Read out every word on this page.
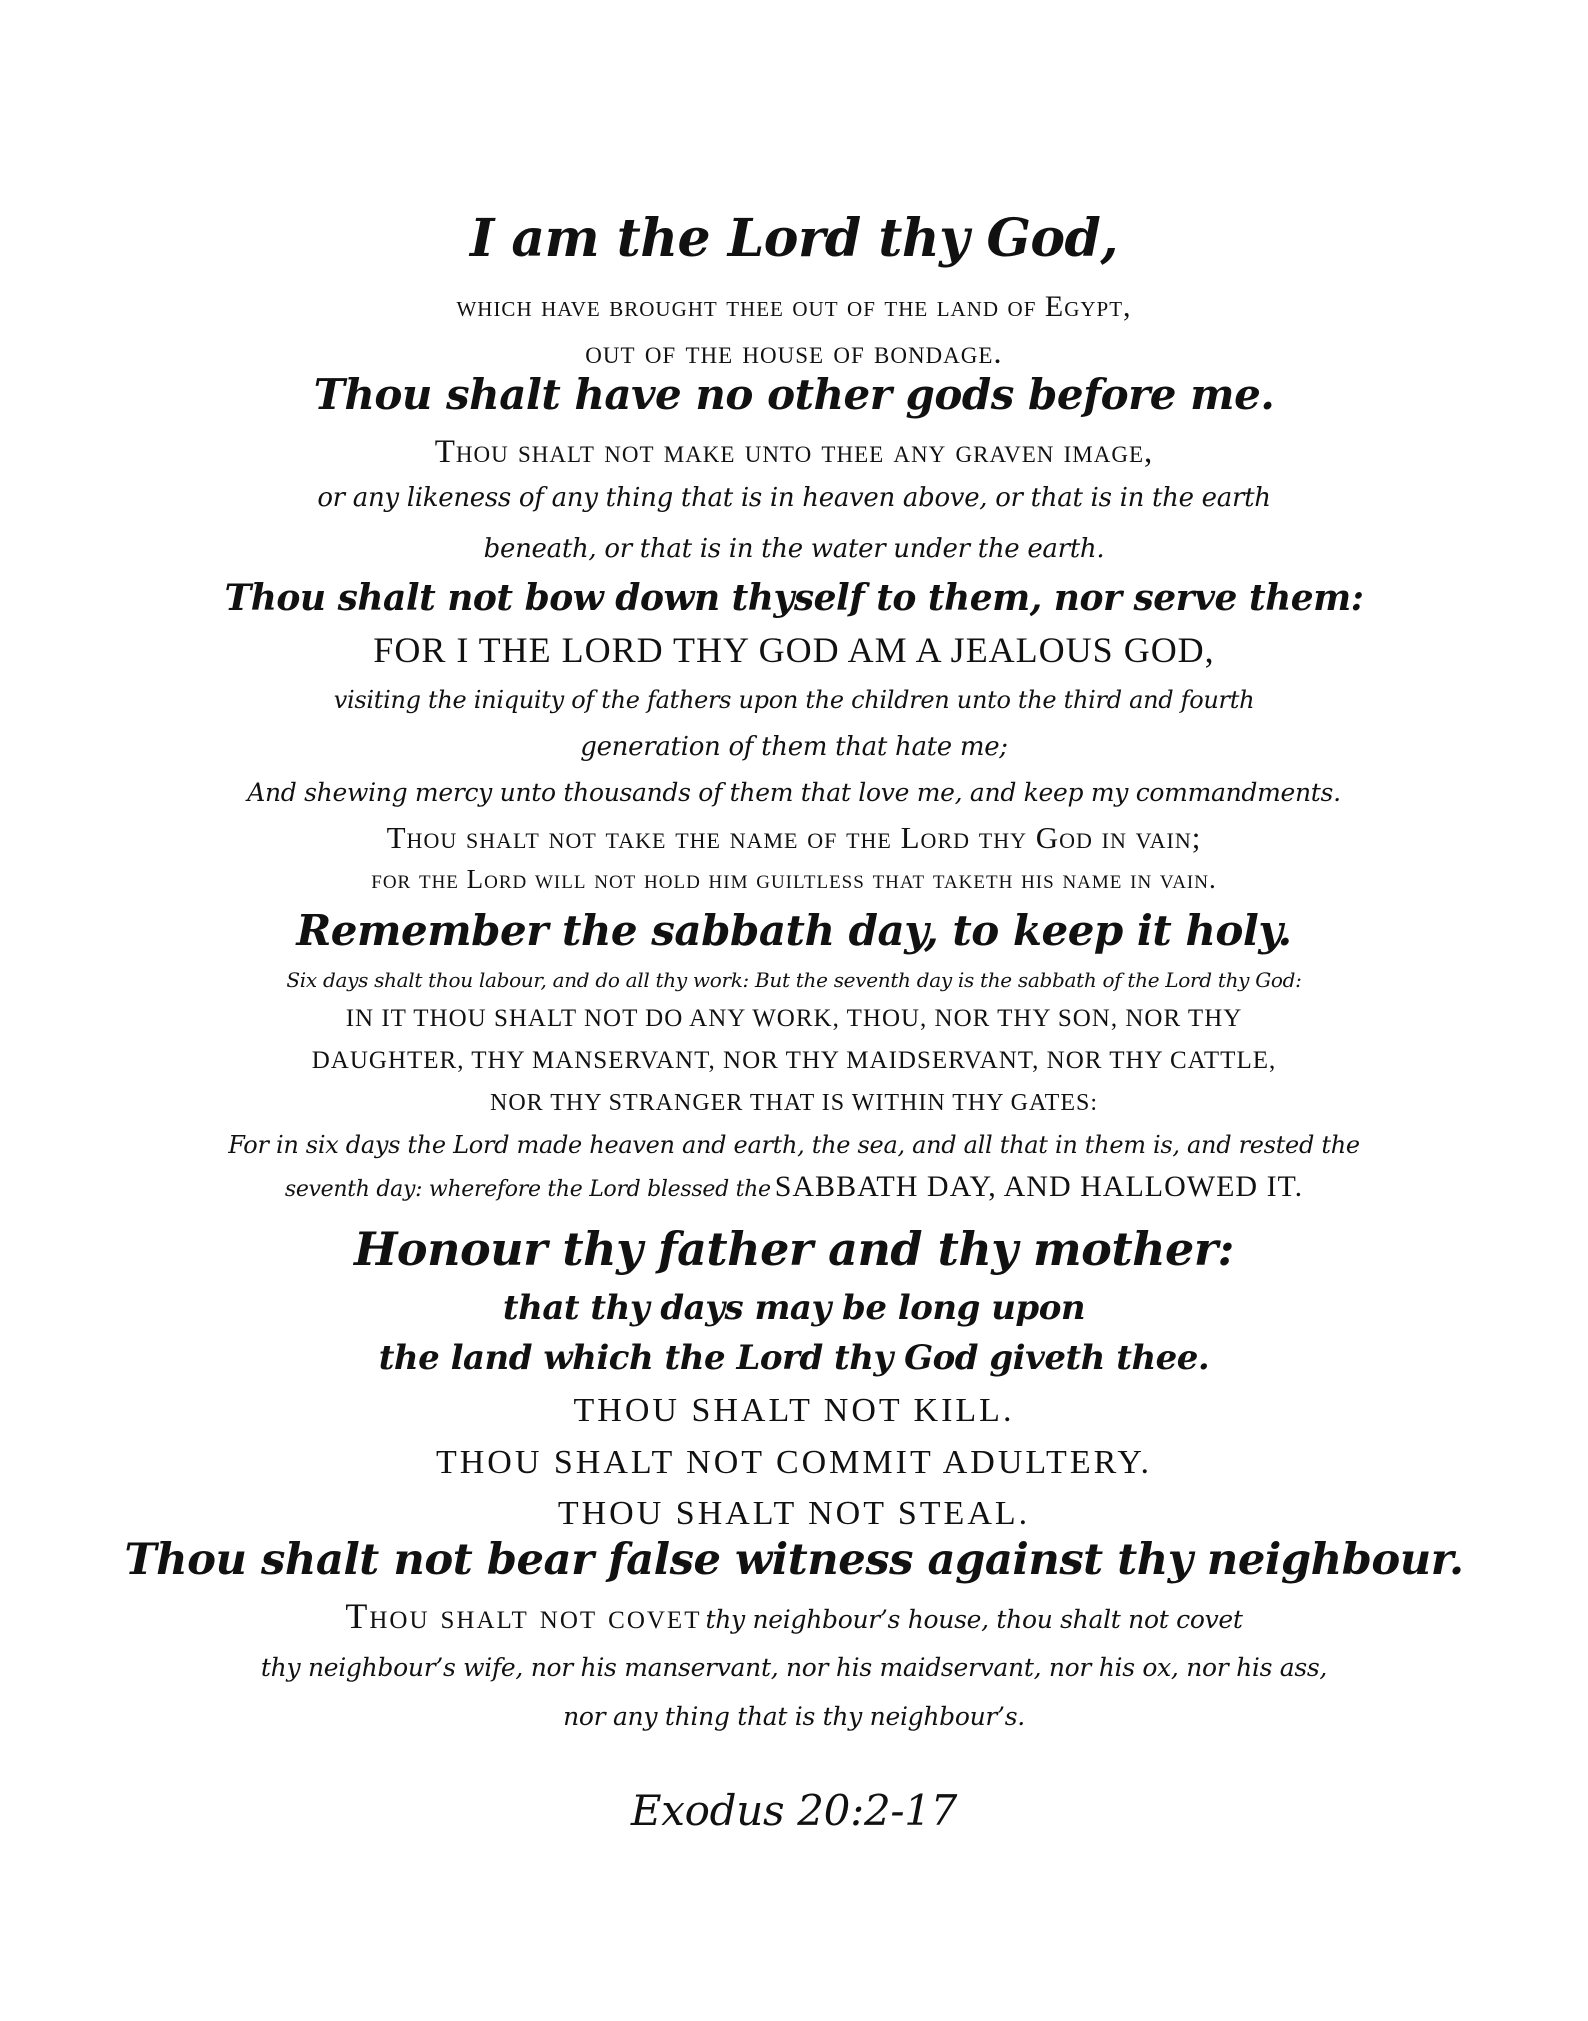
I am the Lord thy God,
which have brought thee out of the land of Egypt,
out of the house of bondage.
Thou shalt have no other gods before me.
Thou shalt not make unto thee any graven image,
or any likeness of any thing that is in heaven above, or that is in the earth
beneath, or that is in the water under the earth.
Thou shalt not bow down thyself to them, nor serve them:
FOR I THE LORD THY GOD AM A JEALOUS GOD,
visiting the iniquity of the fathers upon the children unto the third and fourth
generation of them that hate me;
And shewing mercy unto thousands of them that love me, and keep my commandments.
Thou shalt not take the name of the Lord thy God in vain;
for the Lord will not hold him guiltless that taketh his name in vain.
Remember the sabbath day, to keep it holy.
Six days shalt thou labour, and do all thy work: But the seventh day is the sabbath of the Lord thy God:
IN IT THOU SHALT NOT DO ANY WORK, THOU, NOR THY SON, NOR THY
DAUGHTER, THY MANSERVANT, NOR THY MAIDSERVANT, NOR THY CATTLE,
NOR THY STRANGER THAT IS WITHIN THY GATES:
For in six days the Lord made heaven and earth, the sea, and all that in them is, and rested the
seventh day: wherefore the Lord blessed the SABBATH DAY, AND HALLOWED IT.
Honour thy father and thy mother:
that thy days may be long upon
the land which the Lord thy God giveth thee.
THOU SHALT NOT KILL.
THOU SHALT NOT COMMIT ADULTERY.
THOU SHALT NOT STEAL.
Thou shalt not bear false witness against thy neighbour.
Thou shalt not covet thy neighbour’s house, thou shalt not covet
thy neighbour’s wife, nor his manservant, nor his maidservant, nor his ox, nor his ass,
nor any thing that is thy neighbour’s.
Exodus 20:2-17
